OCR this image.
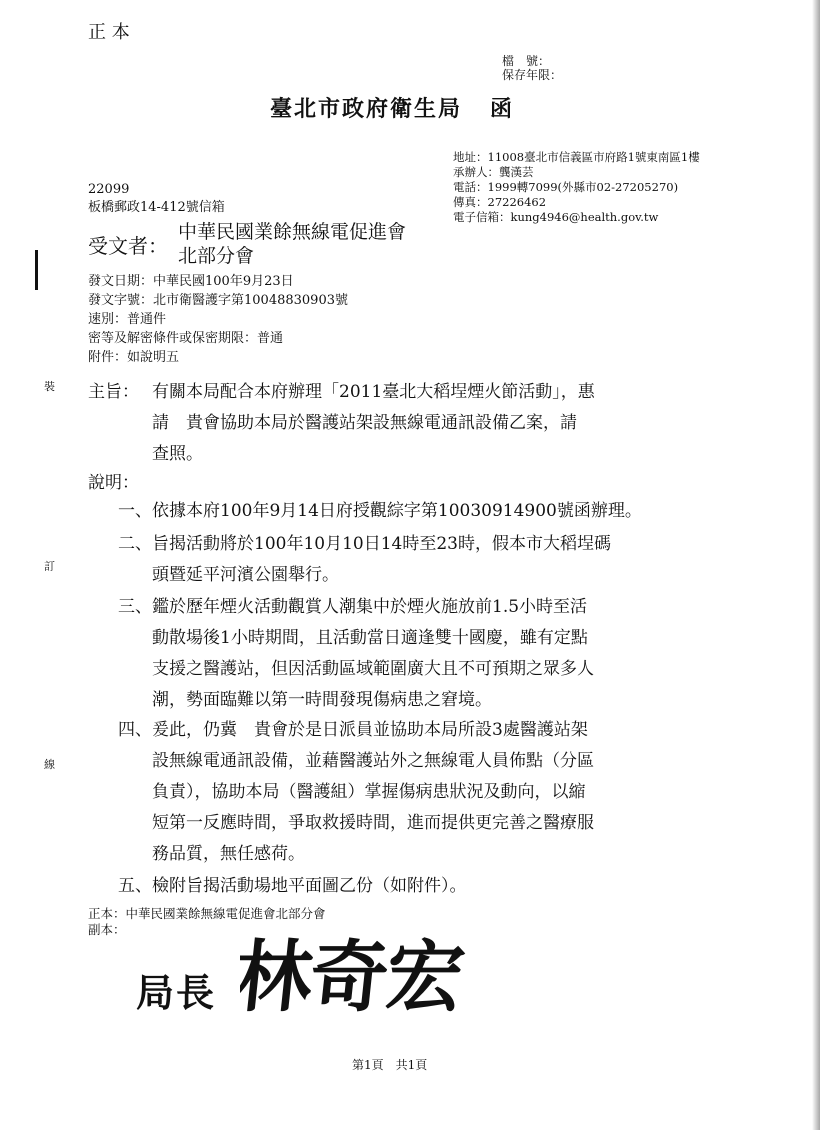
正 本
檔　號：
保存年限：
臺北市政府衛生局 函
地址：11008臺北市信義區市府路1號東南區1樓
承辦人：龔漢芸
電話：1999轉7099(外縣市02-27205270)
傳真：27226462
電子信箱：kung4946@health.gov.tw
22099
板橋郵政14-412號信箱
受文者：
中華民國業餘無線電促進會
北部分會
發文日期：中華民國100年9月23日
發文字號：北市衛醫護字第10048830903號
速別：普通件
密等及解密條件或保密期限：普通
附件：如說明五
裝
訂
線
主旨： 有關本局配合本府辦理「2011臺北大稻埕煙火節活動」，惠
請　貴會協助本局於醫護站架設無線電通訊設備乙案，請
查照。
說明：
一、 依據本府100年9月14日府授觀綜字第10030914900號函辦理。
二、 旨揭活動將於100年10月10日14時至23時，假本市大稻埕碼
頭暨延平河濱公園舉行。
三、 鑑於歷年煙火活動觀賞人潮集中於煙火施放前1.5小時至活
動散場後1小時期間，且活動當日適逢雙十國慶，雖有定點
支援之醫護站，但因活動區域範圍廣大且不可預期之眾多人
潮，勢面臨難以第一時間發現傷病患之窘境。
四、 爰此，仍冀　貴會於是日派員並協助本局所設3處醫護站架
設無線電通訊設備，並藉醫護站外之無線電人員佈點（分區
負責），協助本局（醫護組）掌握傷病患狀況及動向，以縮
短第一反應時間，爭取救援時間，進而提供更完善之醫療服
務品質，無任感荷。
五、 檢附旨揭活動場地平面圖乙份（如附件）。
正本：中華民國業餘無線電促進會北部分會
副本：
局長 林奇宏
第1頁　共1頁
